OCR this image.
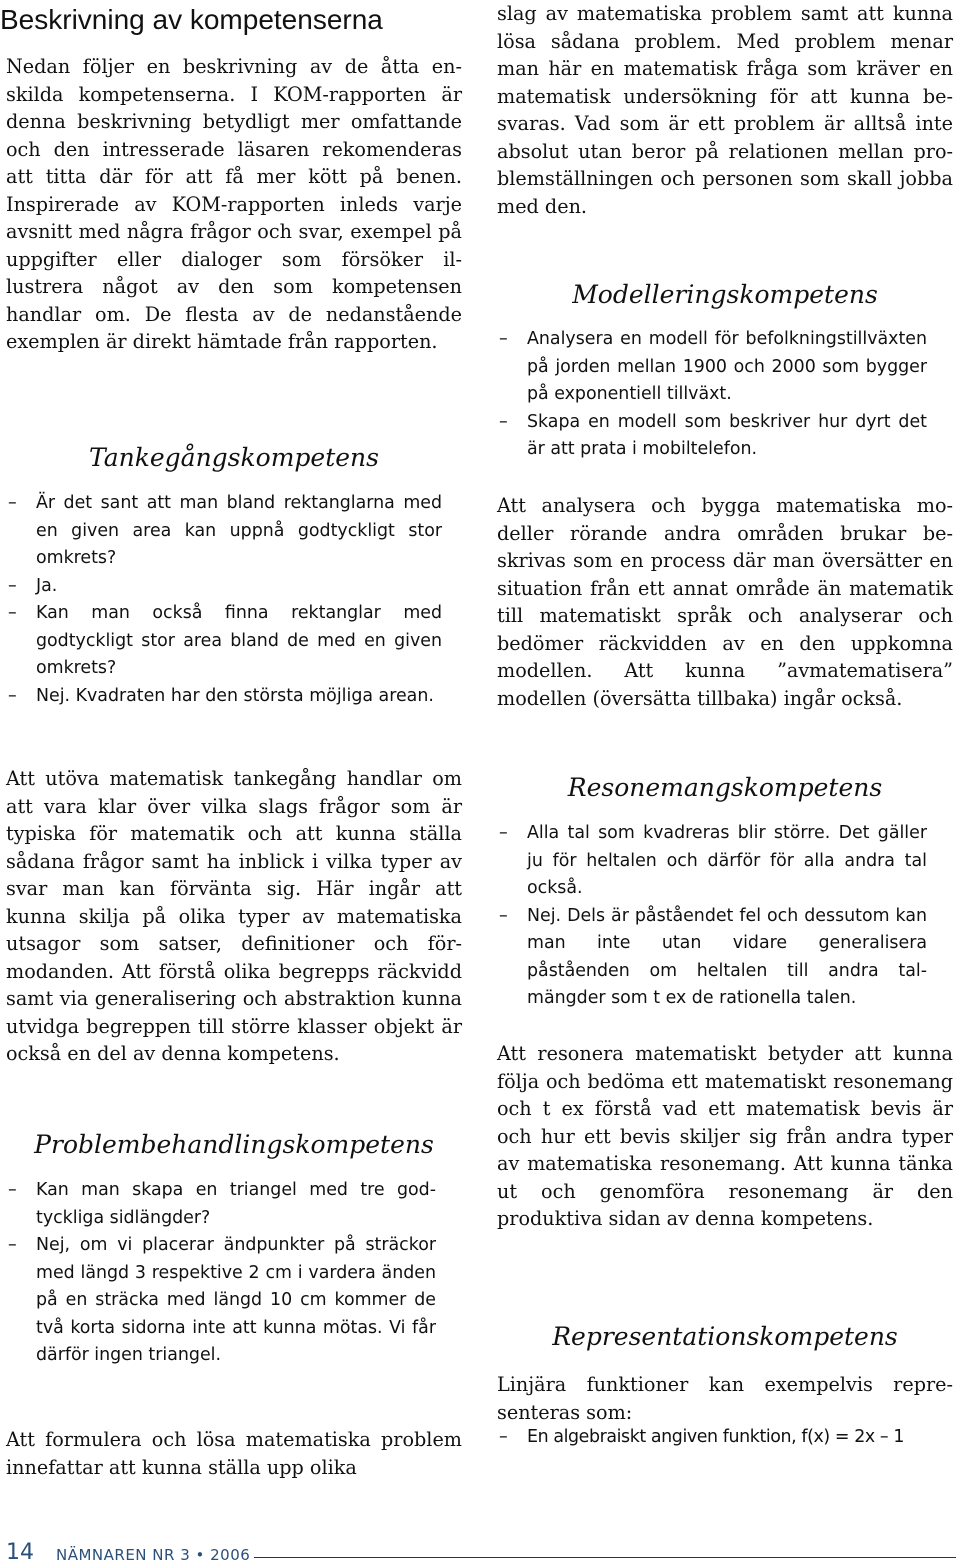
Beskrivning av kompetenserna

Nedan följer en beskrivning av de åtta enskilda kompetenserna. I KOM-rapporten är denna beskrivning betydligt mer omfattande och den intresserade läsaren rekomenderas att titta där för att få mer kött på benen. Inspirerade av KOM-rapporten inleds varje avsnitt med några frågor och svar, exempel på uppgifter eller dialoger som försöker illustrera något av den som kompetensen handlar om. De flesta av de nedanstående exemplen är direkt hämtade från rapporten.

Tankegångskompetens
– Är det sant att man bland rektanglarna med en given area kan uppnå godtyckligt stor omkrets?
– Ja.
– Kan man också finna rektanglar med godtyckligt stor area bland de med en given omkrets?
– Nej. Kvadraten har den största möjliga arean.

Att utöva matematisk tankegång handlar om att vara klar över vilka slags frågor som är typiska för matematik och att kunna ställa sådana frågor samt ha inblick i vilka typer av svar man kan förvänta sig. Här ingår att kunna skilja på olika typer av matematiska utsagor som satser, definitioner och förmodanden. Att förstå olika begrepps räckvidd samt via generalisering och abstraktion kunna utvidga begreppen till större klasser objekt är också en del av denna kompetens.

Problembehandlingskompetens
– Kan man skapa en triangel med tre godtyckliga sidlängder?
– Nej, om vi placerar ändpunkter på sträckor med längd 3 respektive 2 cm i vardera änden på en sträcka med längd 10 cm kommer de två korta sidorna inte att kunna mötas. Vi får därför ingen triangel.

Att formulera och lösa matematiska problem innefattar att kunna ställa upp olika

slag av matematiska problem samt att kunna lösa sådana problem. Med problem menar man här en matematisk fråga som kräver en matematisk undersökning för att kunna besvaras. Vad som är ett problem är alltså inte absolut utan beror på relationen mellan problemställningen och personen som skall jobba med den.

Modelleringskompetens
– Analysera en modell för befolkningstillväxten på jorden mellan 1900 och 2000 som bygger på exponentiell tillväxt.
– Skapa en modell som beskriver hur dyrt det är att prata i mobiltelefon.

Att analysera och bygga matematiska modeller rörande andra områden brukar beskrivas som en process där man översätter en situation från ett annat område än matematik till matematiskt språk och analyserar och bedömer räckvidden av en den uppkomna modellen. Att kunna ”avmatematisera” modellen (översätta tillbaka) ingår också.

Resonemangskompetens
– Alla tal som kvadreras blir större. Det gäller ju för heltalen och därför för alla andra tal också.
– Nej. Dels är påståendet fel och dessutom kan man inte utan vidare generalisera påståenden om heltalen till andra talmängder som t ex de rationella talen.

Att resonera matematiskt betyder att kunna följa och bedöma ett matematiskt resonemang och t ex förstå vad ett matematisk bevis är och hur ett bevis skiljer sig från andra typer av matematiska resonemang. Att kunna tänka ut och genomföra resonemang är den produktiva sidan av denna kompetens.

Representationskompetens

Linjära funktioner kan exempelvis representeras som:

– En algebraiskt angiven funktion, f(x) = 2x – 1
14 NÄMNAREN NR 3 • 2006
